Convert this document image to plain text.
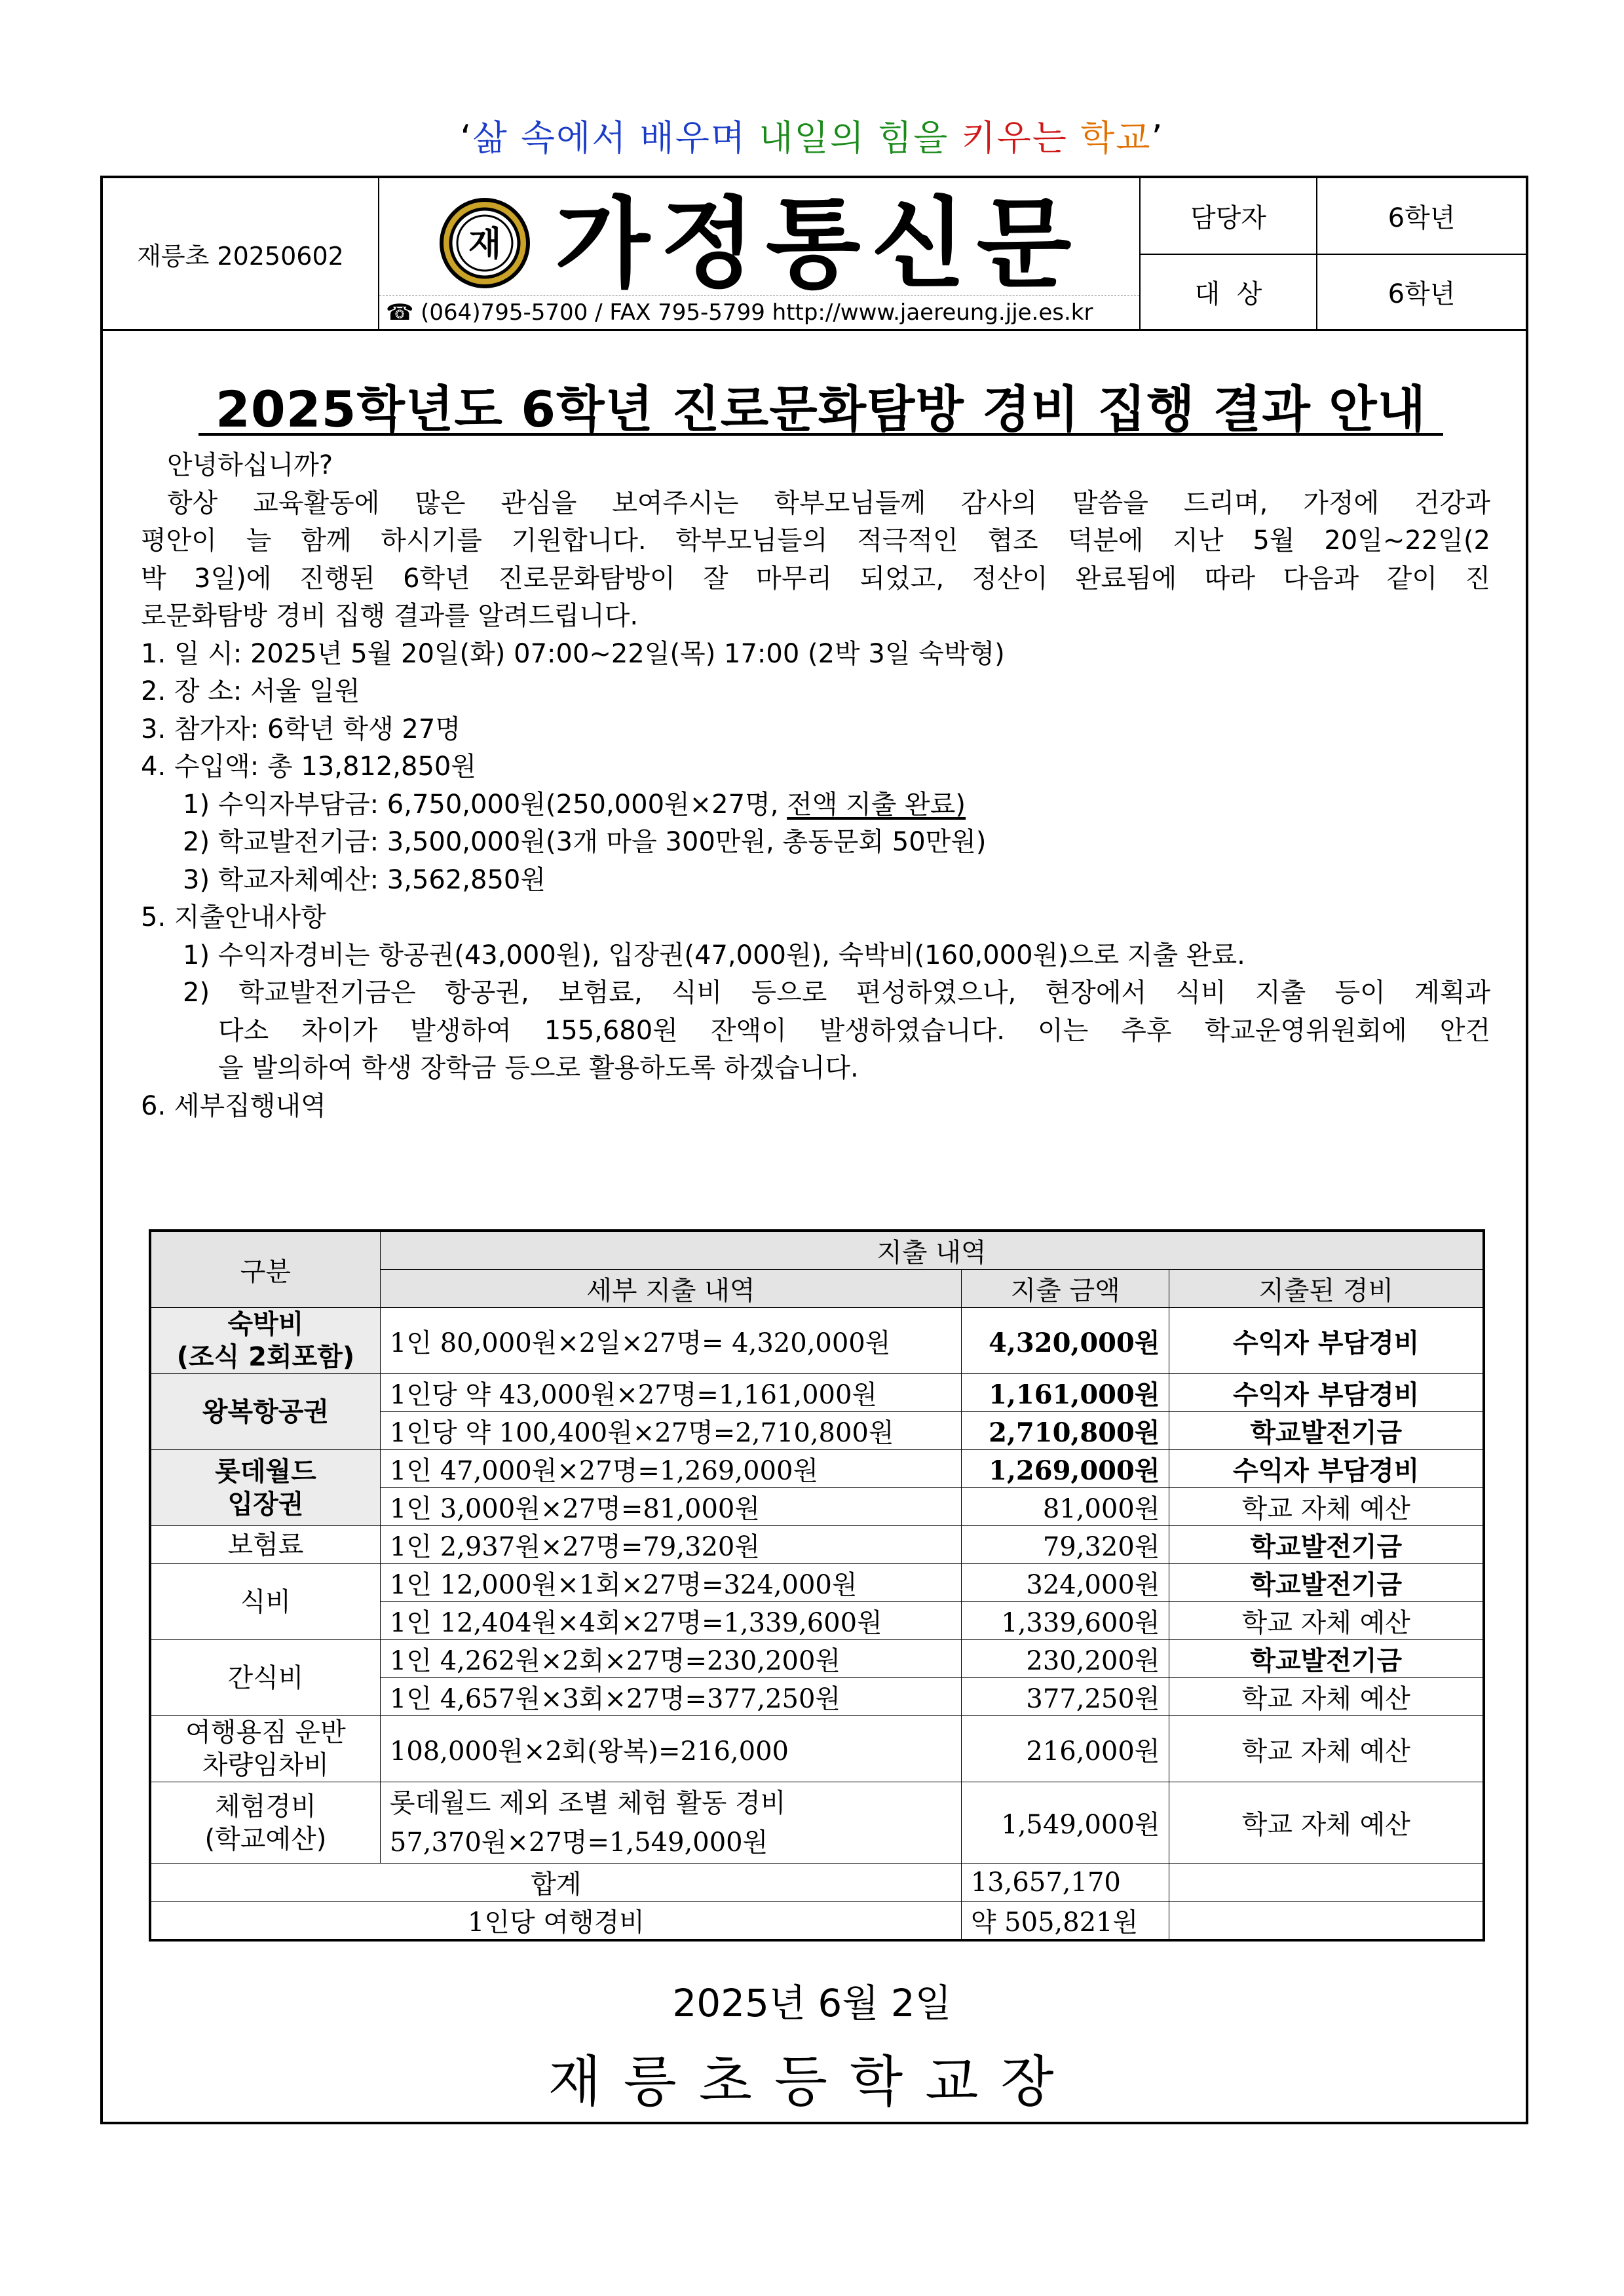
‘삶 속에서 배우며 내일의 힘을 키우는 학교’
재릉초 20250602	재 가정통신문
☎ (064)795-5700 / FAX 795-5799 http://www.jaereung.jje.es.kr
담당자	6학년
대  상	6학년
2025학년도 6학년 진로문화탐방 경비 집행 결과 안내
안녕하십니까?
항상 교육활동에 많은 관심을 보여주시는 학부모님들께 감사의 말씀을 드리며, 가정에 건강과
평안이 늘 함께 하시기를 기원합니다. 학부모님들의 적극적인 협조 덕분에 지난 5월 20일~22일(2
박 3일)에 진행된 6학년 진로문화탐방이 잘 마무리 되었고, 정산이 완료됨에 따라 다음과 같이 진
로문화탐방 경비 집행 결과를 알려드립니다.
1. 일 시: 2025년 5월 20일(화) 07:00~22일(목) 17:00 (2박 3일 숙박형)
2. 장 소: 서울 일원
3. 참가자: 6학년 학생 27명
4. 수입액: 총 13,812,850원
1) 수익자부담금: 6,750,000원(250,000원×27명, 전액 지출 완료)
2) 학교발전기금: 3,500,000원(3개 마을 300만원, 총동문회 50만원)
3) 학교자체예산: 3,562,850원
5. 지출안내사항
1) 수익자경비는 항공권(43,000원), 입장권(47,000원), 숙박비(160,000원)으로 지출 완료.
2) 학교발전기금은 항공권, 보험료, 식비 등으로 편성하였으나, 현장에서 식비 지출 등이 계획과
다소 차이가 발생하여 155,680원 잔액이 발생하였습니다. 이는 추후 학교운영위원회에 안건
을 발의하여 학생 장학금 등으로 활용하도록 하겠습니다.
6. 세부집행내역
구분	지출 내역		
	세부 지출 내역	지출 금액	지출된 경비
숙박비
(조식 2회포함)	1인 80,000원×2일×27명= 4,320,000원	4,320,000원	수익자 부담경비
왕복항공권	1인당 약 43,000원×27명=1,161,000원	1,161,000원	수익자 부담경비
	1인당 약 100,400원×27명=2,710,800원	2,710,800원	학교발전기금
롯데월드
입장권	1인 47,000원×27명=1,269,000원	1,269,000원	수익자 부담경비
	1인 3,000원×27명=81,000원	81,000원	학교 자체 예산
보험료	1인 2,937원×27명=79,320원	79,320원	학교발전기금
식비	1인 12,000원×1회×27명=324,000원	324,000원	학교발전기금
	1인 12,404원×4회×27명=1,339,600원	1,339,600원	학교 자체 예산
간식비	1인 4,262원×2회×27명=230,200원	230,200원	학교발전기금
	1인 4,657원×3회×27명=377,250원	377,250원	학교 자체 예산
여행용짐 운반
차량임차비	108,000원×2회(왕복)=216,000	216,000원	학교 자체 예산
체험경비
(학교예산)	롯데월드 제외 조별 체험 활동 경비
57,370원×27명=1,549,000원	1,549,000원	학교 자체 예산
합계		13,657,170	
1인당 여행경비		약 505,821원	
2025년 6월 2일
재릉초등학교장
